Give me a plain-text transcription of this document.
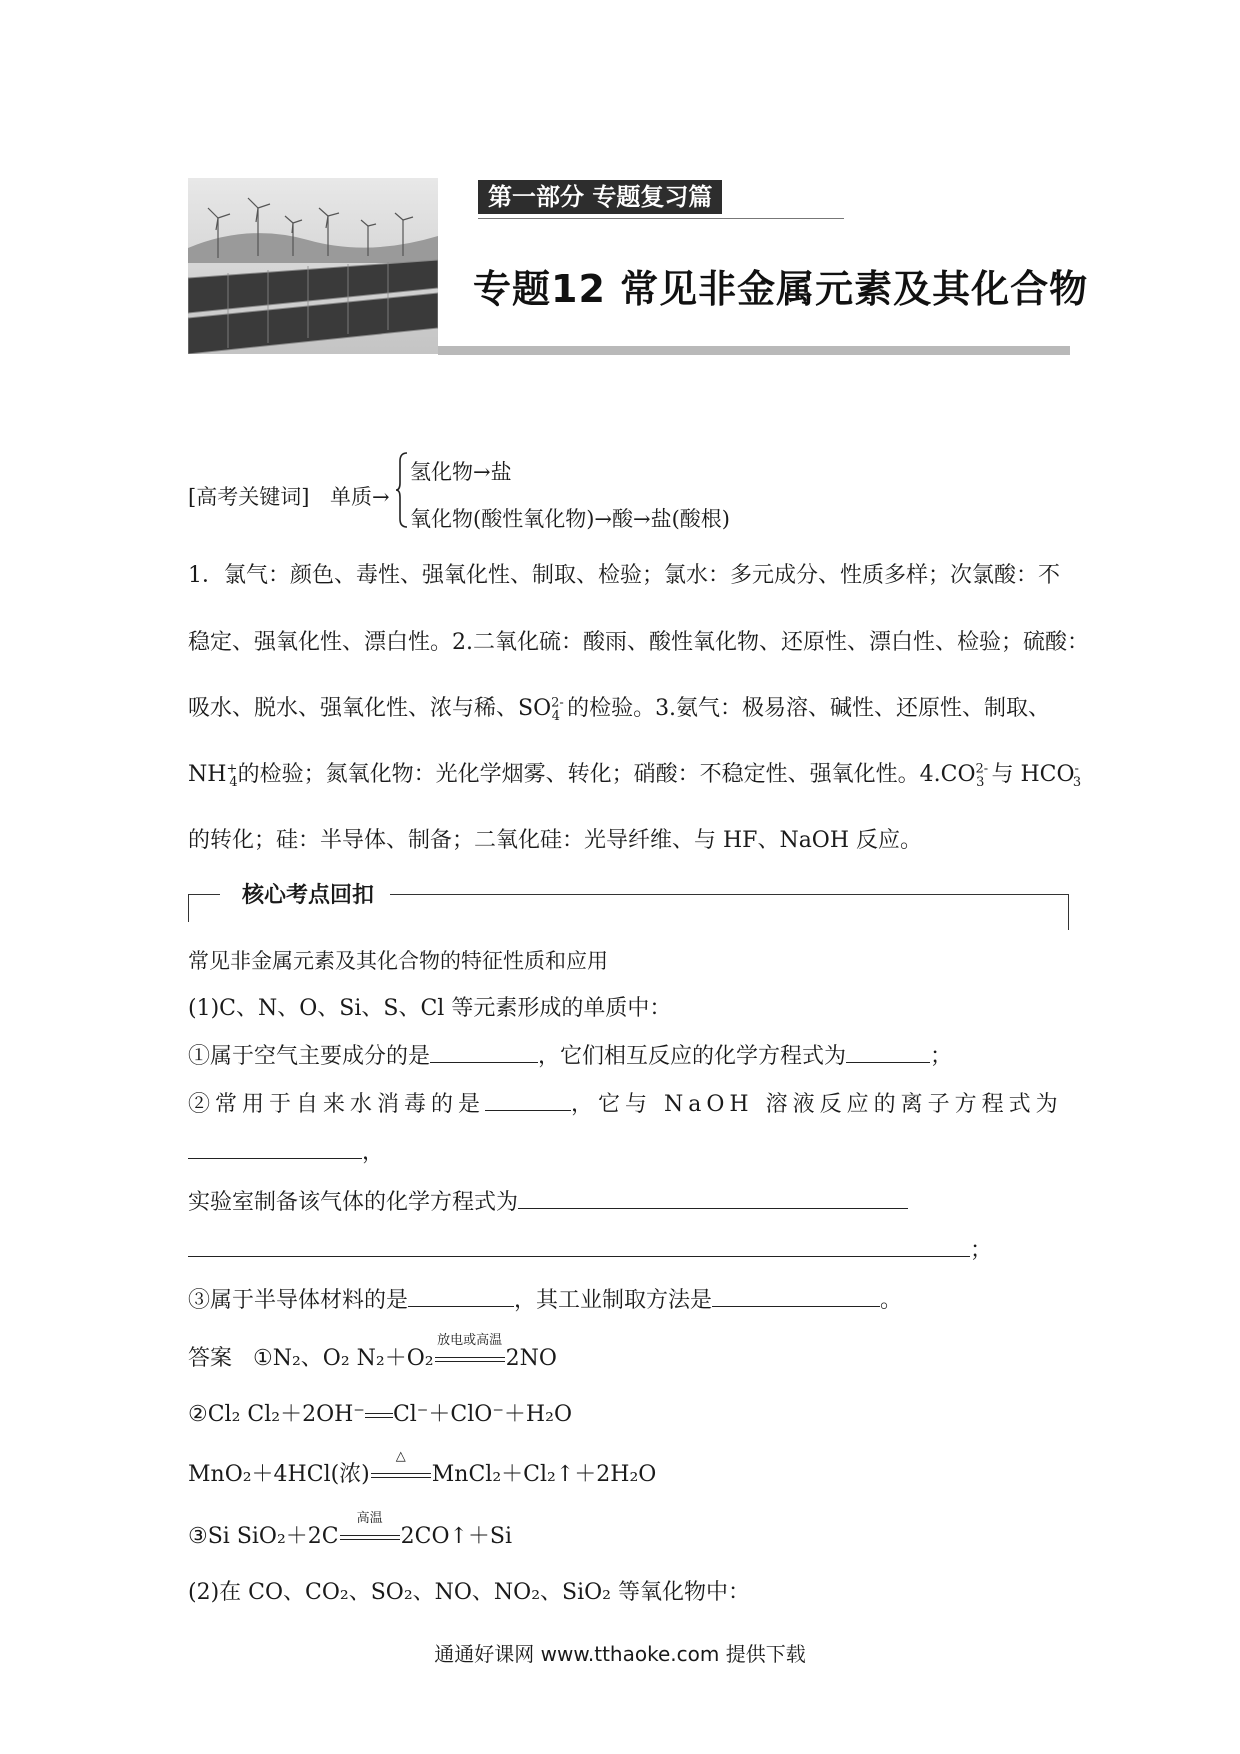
第一部分 专题复习篇
专题12 常见非金属元素及其化合物
[高考关键词] 单质→
氢化物→盐
氧化物(酸性氧化物)→酸→盐(酸根)
1．氯气：颜色、毒性、强氧化性、制取、检验；氯水：多元成分、性质多样；次氯酸：不
稳定、强氧化性、漂白性。2.二氧化硫：酸雨、酸性氧化物、还原性、漂白性、检验；硫酸：
吸水、脱水、强氧化性、浓与稀、$SO^{2-}_4$ 的检验。3.氨气：极易溶、碱性、还原性、制取、
$NH^+_4$的检验；氮氧化物：光化学烟雾、转化；硝酸：不稳定性、强氧化性。$4.CO^{2-}_3$ 与 $HCO^-_3$
的转化；硅：半导体、制备；二氧化硅：光导纤维、与 HF、NaOH 反应。
核心考点回扣
常见非金属元素及其化合物的特征性质和应用
(1)C、N、O、Si、S、Cl 等元素形成的单质中：
①属于空气主要成分的是	，它们相互反应的化学方程式为	；
②常用于自来水消毒的是	，它与 NaOH 溶液反应的离子方程式为
，
实验室制备该气体的化学方程式为
；
③属于半导体材料的是	，其工业制取方法是	。
答案 ①N₂、O₂ N₂＋O₂
放电或高温
2NO
②Cl₂ Cl₂＋2OH⁻ Cl⁻＋ClO⁻＋H₂O
MnO₂＋4HCl(浓)
△
MnCl₂＋Cl₂↑＋2H₂O
③Si SiO₂＋2C
高温
2CO↑＋Si
(2)在 CO、CO₂、SO₂、NO、NO₂、SiO₂ 等氧化物中：
通通好课网 www.tthaoke.com 提供下载
